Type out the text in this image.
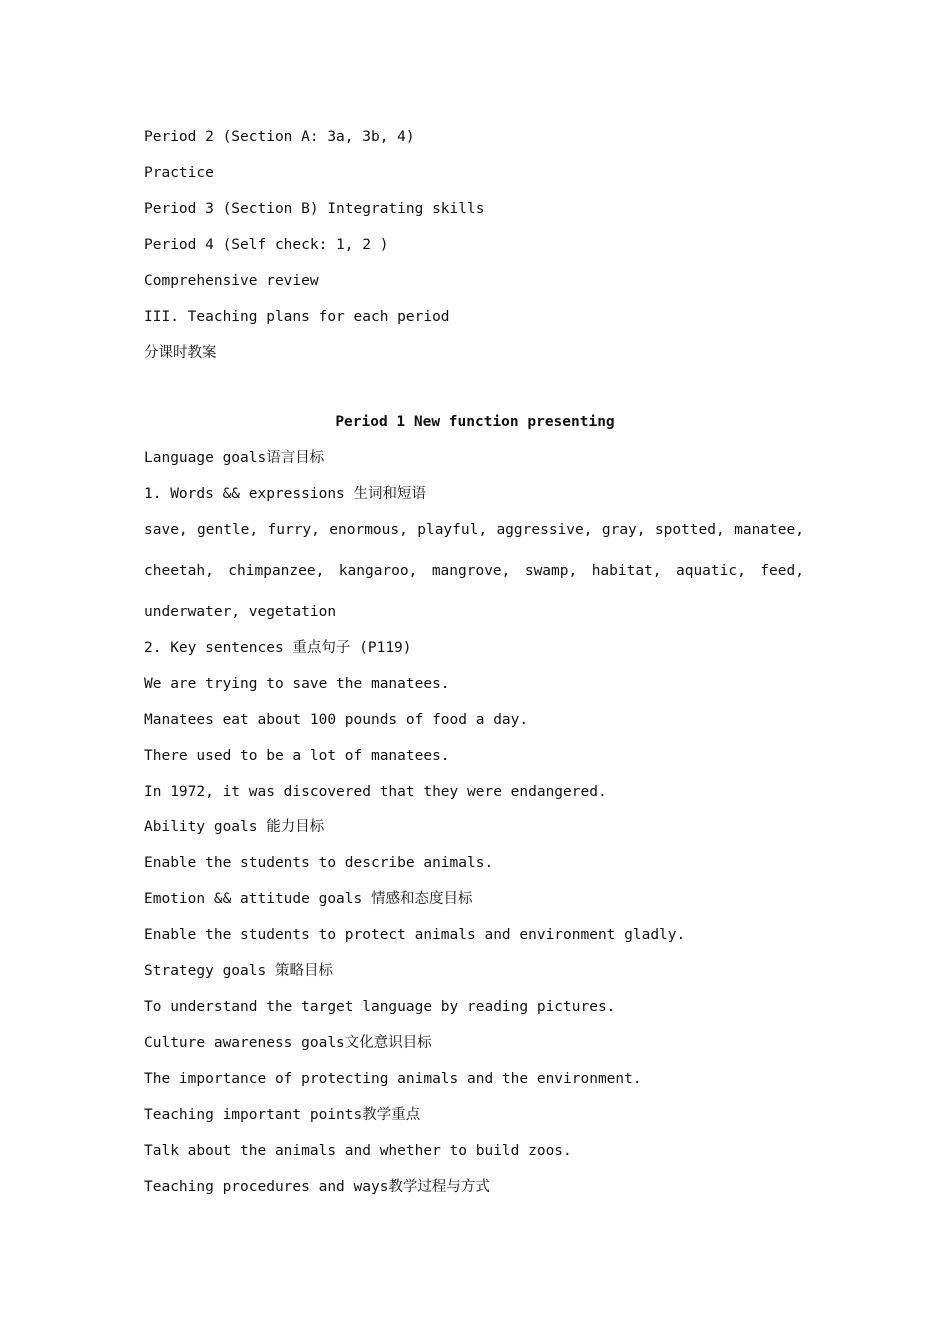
Period 2 (Section A: 3a, 3b, 4)
Practice
Period 3 (Section B) Integrating skills
Period 4 (Self check: 1, 2 )
Comprehensive review
III. Teaching plans for each period
分课时教案
Period 1 New function presenting
Language goals语言目标
1. Words && expressions 生词和短语
save, gentle, furry, enormous, playful, aggressive, gray, spotted, manatee,
cheetah, chimpanzee, kangaroo, mangrove, swamp, habitat, aquatic, feed,
underwater, vegetation
2. Key sentences 重点句子 (P119)
We are trying to save the manatees.
Manatees eat about 100 pounds of food a day.
There used to be a lot of manatees.
In 1972, it was discovered that they were endangered.
Ability goals 能力目标
Enable the students to describe animals.
Emotion && attitude goals 情感和态度目标
Enable the students to protect animals and environment gladly.
Strategy goals 策略目标
To understand the target language by reading pictures.
Culture awareness goals文化意识目标
The importance of protecting animals and the environment.
Teaching important points教学重点
Talk about the animals and whether to build zoos.
Teaching procedures and ways教学过程与方式
